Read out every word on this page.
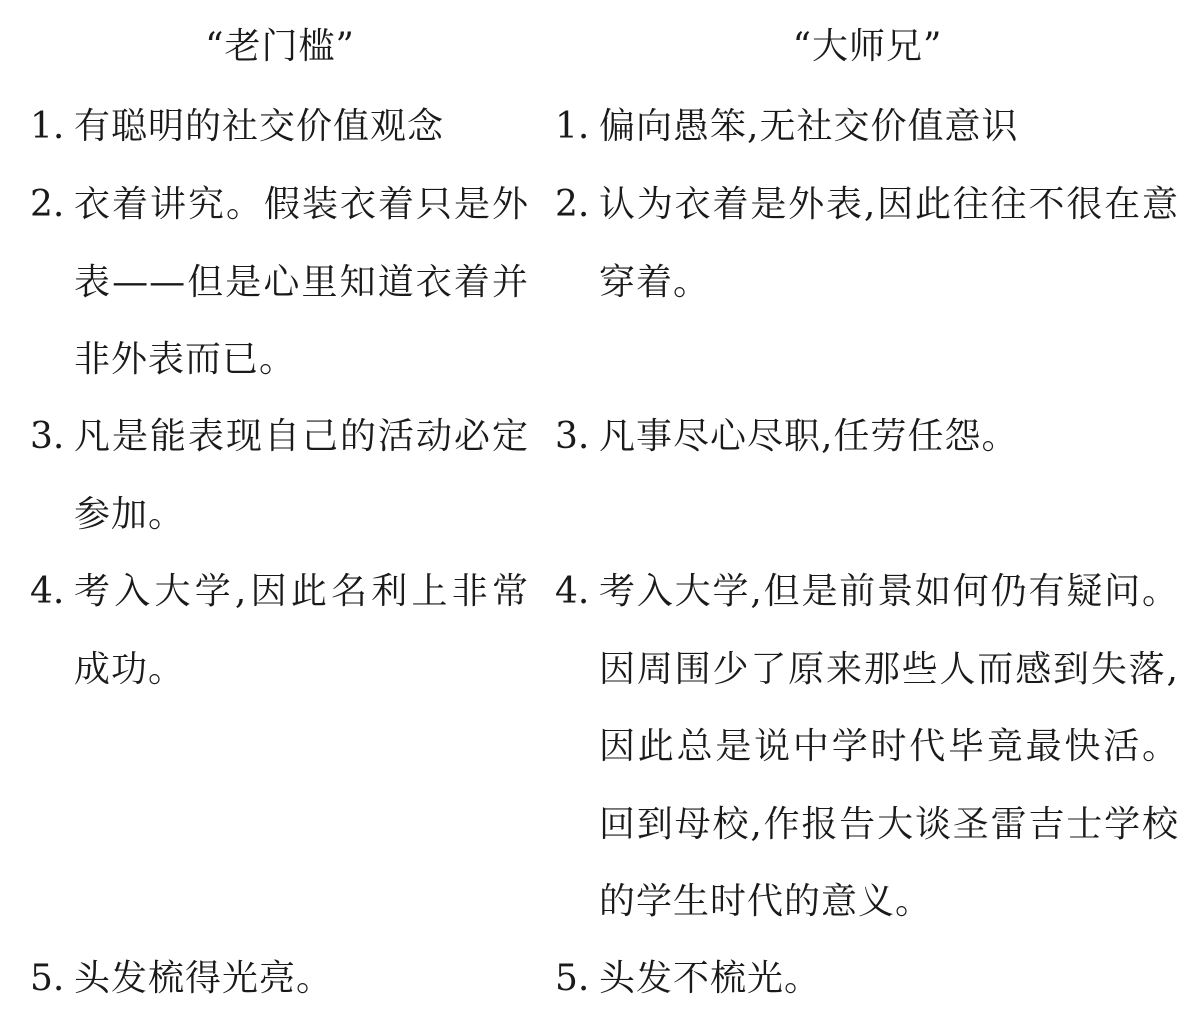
“老门槛”
1. 有聪明的社交价值观念
2. 衣着讲究。假装衣着只是外表——但是心里知道衣着并非外表而已。
3. 凡是能表现自己的活动必定参加。
4. 考入大学,因此名利上非常成功。
5. 头发梳得光亮。
“大师兄”
1. 偏向愚笨,无社交价值意识
2. 认为衣着是外表,因此往往不很在意穿着。
3. 凡事尽心尽职,任劳任怨。
4. 考入大学,但是前景如何仍有疑问。因周围少了原来那些人而感到失落,因此总是说中学时代毕竟最快活。回到母校,作报告大谈圣雷吉士学校的学生时代的意义。
5. 头发不梳光。
